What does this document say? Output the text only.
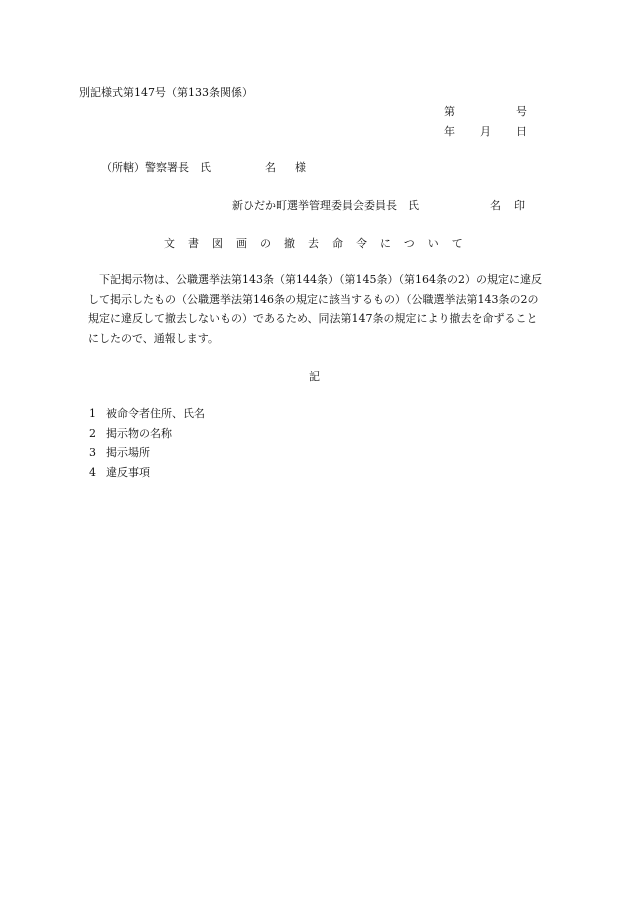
別記様式第147号（第133条関係）
第	号
年 月 日
（所轄）警察署長　氏	名 様
新ひだか町選挙管理委員会委員長　氏	名 印
文書図画の撤去命令について
下記掲示物は、公職選挙法第143条（第144条）（第145条）（第164条の2）の規定に違反して掲示したもの（公職選挙法第146条の規定に該当するもの）（公職選挙法第143条の2の規定に違反して撤去しないもの）であるため、同法第147条の規定により撤去を命ずることにしたので、通報します。
記
1 被命令者住所、氏名
2 掲示物の名称
3 掲示場所
4 違反事項
